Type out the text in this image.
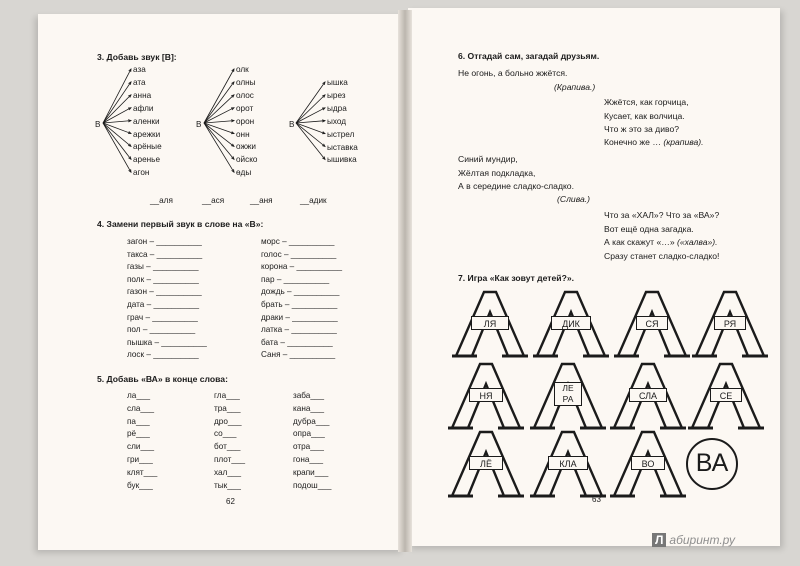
3. Добавь звук [В]:
В	В	В
аза
ата
анна
афли
аленки
арежки
арёные
аренье
агон
олк
олны
олос
орот
орон
онн
ожжи
ойско
өды
ышка
ырез
ыдра
ыход
ыстрел
ыставка
ышивка
__аля	__ася	__аня	__адик
4. Замени первый звук в слове на «В»:
загон – __________
такса – __________
газы – __________
полк – __________
газон – __________
дата – __________
грач – __________
пол – __________
пышка – __________
лоск – __________
морс – __________
голос – __________
корона – __________
пар – __________
дождь – __________
брать – __________
драки – __________
латка – __________
бата – __________
Саня – __________
5. Добавь «ВА» в конце слова:
ла___
сла___
па___
рё___
сли___
гри___
клят___
бук___
гла___
тра___
дро___
со___
бот___
плот___
хал___
тык___
заба___
кана___
дубра___
опра___
отра___
гона___
крапи___
подош___
62
6. Отгадай сам, загадай друзьям.
Не огонь, а больно жжётся.
(Крапива.)
Жжётся, как горчица,
Кусает, как волчица.
Что ж это за диво?
Конечно же … (крапива).
Синий мундир,
Жёлтая подкладка,
А в середине сладко-сладко.
(Слива.)
Что за «ХАЛ»? Что за «ВА»?
Вот ещё одна загадка.
А как скажут «…» («халва»).
Сразу станет сладко-сладко!
7. Игра «Как зовут детей?».
ЛЯ	ДИК	СЯ	РЯ
НЯ
ЛЕ
РА	СЛА	СЕ
ЛЁ	КЛА	ВО	ВА
63
Л абиринт.ру
